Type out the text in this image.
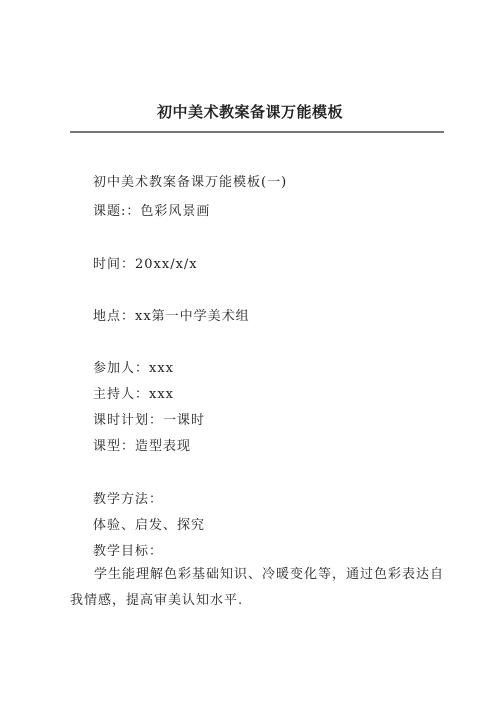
初中美术教案备课万能模板
初中美术教案备课万能模板(一)
课题:：色彩风景画
时间：20xx/x/x
地点：xx第一中学美术组
参加人：xxx
主持人：xxx
课时计划：一课时
课型：造型表现
教学方法：
体验、启发、探究
教学目标：
学生能理解色彩基础知识、冷暖变化等，通过色彩表达自我情感，提高审美认知水平.
